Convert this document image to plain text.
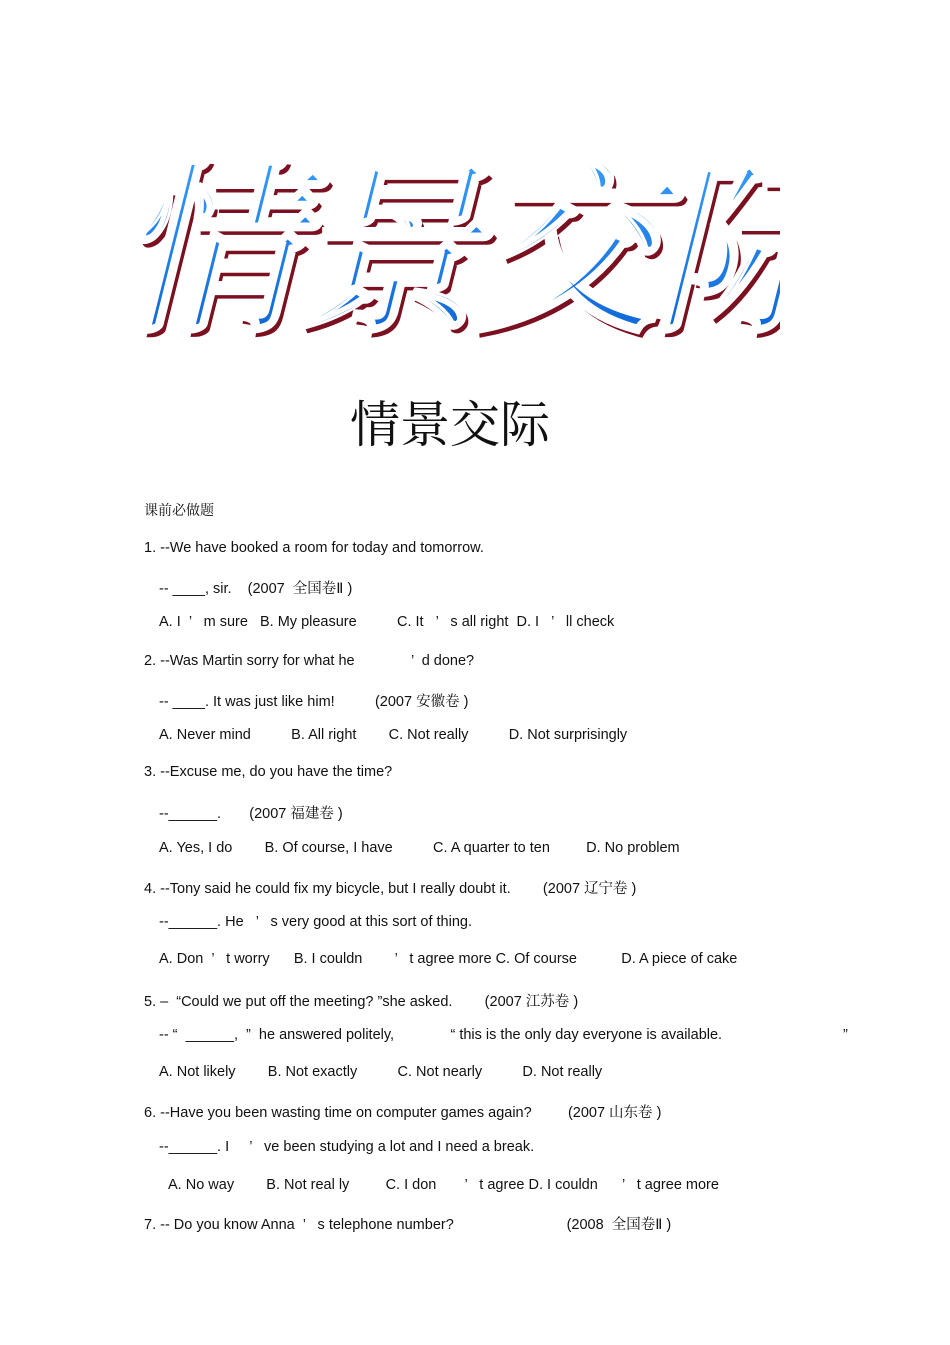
情景交际
情景交际
情景交际
课前必做题
1. --We have booked a room for today and tomorrow.
-- ____, sir.    (2007  全国卷Ⅱ )
A. I  ’   m sure   B. My pleasure          C. It   ’   s all right  D. I   ’   ll check
2. --Was Martin sorry for what he              ’  d done?
-- ____. It was just like him!          (2007 安徽卷 )
A. Never mind          B. All right        C. Not really          D. Not surprisingly
3. --Excuse me, do you have the time?
--______.       (2007 福建卷 )
A. Yes, I do        B. Of course, I have          C. A quarter to ten         D. No problem
4. --Tony said he could fix my bicycle, but I really doubt it.        (2007 辽宁卷 )
--______. He   ’   s very good at this sort of thing.
A. Don  ’   t worry      B. I couldn        ’   t agree more C. Of course           D. A piece of cake
5. –  “Could we put off the meeting? ”she asked.        (2007 江苏卷 )
-- “  ______,  ”  he answered politely,              “ this is the only day everyone is available.                              ”
A. Not likely        B. Not exactly          C. Not nearly          D. Not really
6. --Have you been wasting time on computer games again?         (2007 山东卷 )
--______. I     ’   ve been studying a lot and I need a break.
A. No way        B. Not real ly         C. I don       ’   t agree D. I couldn      ’   t agree more
7. -- Do you know Anna  ’   s telephone number?                            (2008  全国卷Ⅱ )
